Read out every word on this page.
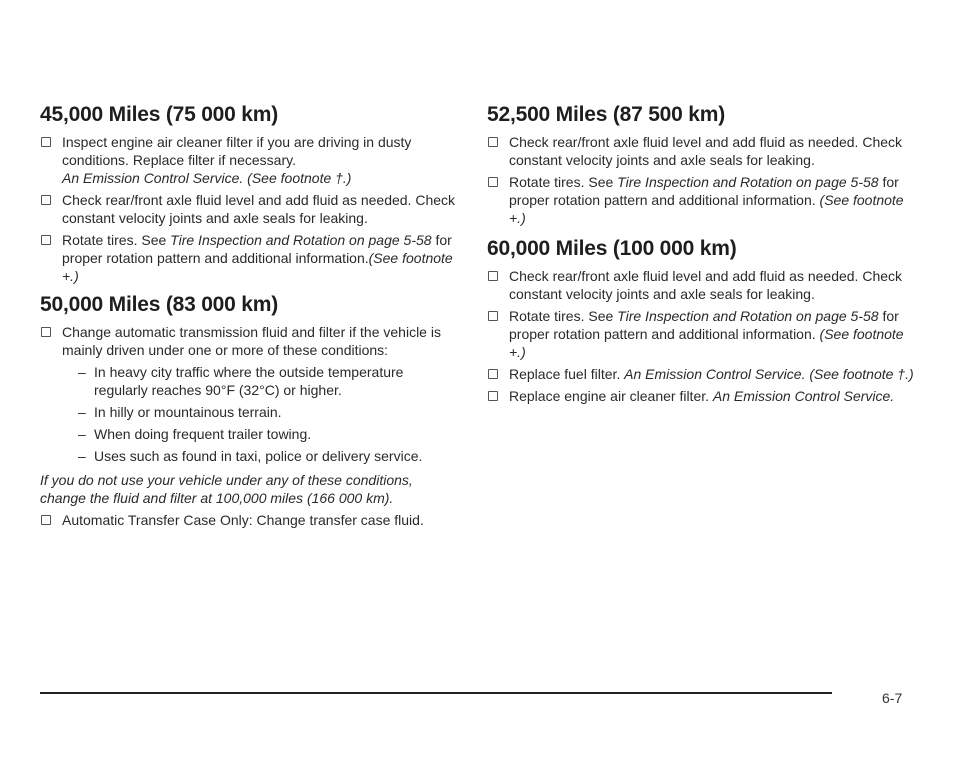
45,000 Miles (75 000 km)
Inspect engine air cleaner filter if you are driving in dusty conditions. Replace filter if necessary.
An Emission Control Service. (See footnote †.)
Check rear/front axle fluid level and add fluid as needed. Check constant velocity joints and axle seals for leaking.
Rotate tires. See Tire Inspection and Rotation on page 5-58 for proper rotation pattern and additional information.(See footnote +.)
50,000 Miles (83 000 km)
Change automatic transmission fluid and filter if the vehicle is mainly driven under one or more of these conditions:
– In heavy city traffic where the outside temperature regularly reaches 90°F (32°C) or higher.
– In hilly or mountainous terrain.
– When doing frequent trailer towing.
– Uses such as found in taxi, police or delivery service.
If you do not use your vehicle under any of these conditions, change the fluid and filter at 100,000 miles (166 000 km).
Automatic Transfer Case Only: Change transfer case fluid.
52,500 Miles (87 500 km)
Check rear/front axle fluid level and add fluid as needed. Check constant velocity joints and axle seals for leaking.
Rotate tires. See Tire Inspection and Rotation on page 5-58 for proper rotation pattern and additional information. (See footnote +.)
60,000 Miles (100 000 km)
Check rear/front axle fluid level and add fluid as needed. Check constant velocity joints and axle seals for leaking.
Rotate tires. See Tire Inspection and Rotation on page 5-58 for proper rotation pattern and additional information. (See footnote +.)
Replace fuel filter. An Emission Control Service. (See footnote †.)
Replace engine air cleaner filter. An Emission Control Service.
6-7
